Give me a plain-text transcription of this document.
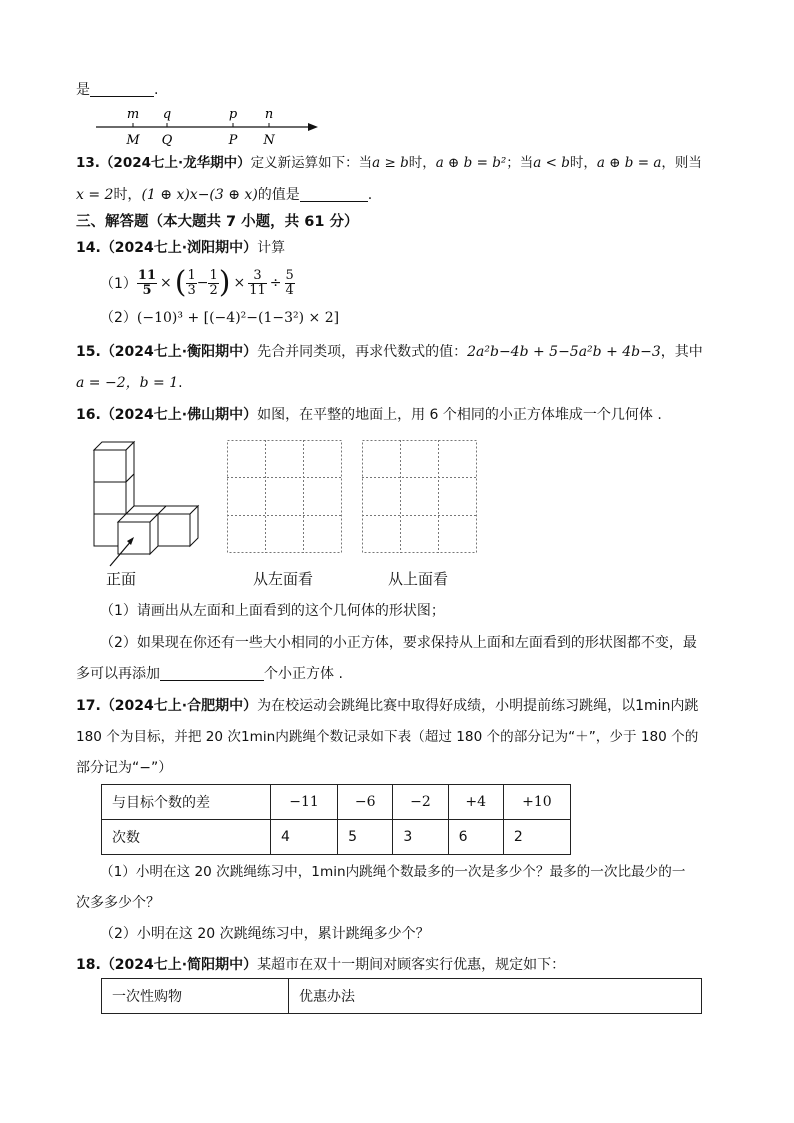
是	.
m q	p n
M Q	P N
13.（2024七上·龙华期中）定义新运算如下：当a ≥ b时，a ⊕ b = b²；当a < b时，a ⊕ b = a，则当
x = 2时，(1 ⊕ x)x−(3 ⊕ x)的值是	.
三、解答题（本大题共 7 小题，共 61 分）
14.（2024七上·浏阳期中）计算
$(1) \frac{11}{5}$ × ( $\frac{1}{3} - \frac{1}{2}$ ) × $\frac{3}{11} \div \frac{5}{4}$
（2）(−10)³ + [(−4)²−(1−3²) × 2]
15.（2024七上·衡阳期中）先合并同类项，再求代数式的值：2a²b−4b + 5−5a²b + 4b−3，其中
a = −2，b = 1.
16.（2024七上·佛山期中）如图，在平整的地面上，用 6 个相同的小正方体堆成一个几何体 .
正面	从左面看	从上面看
（1）请画出从左面和上面看到的这个几何体的形状图；
（2）如果现在你还有一些大小相同的小正方体，要求保持从上面和左面看到的形状图都不变，最
多可以再添加	个小正方体 .
17.（2024七上·合肥期中）为在校运动会跳绳比赛中取得好成绩，小明提前练习跳绳，以1min内跳
180 个为目标，并把 20 次1min内跳绳个数记录如下表（超过 180 个的部分记为“＋”，少于 180 个的
部分记为“−”）
与目标个数的差	−11	−6	−2	+4	+10
次数	4	5	3	6	2
（1）小明在这 20 次跳绳练习中，1min内跳绳个数最多的一次是多少个？最多的一次比最少的一
次多多少个？
（2）小明在这 20 次跳绳练习中，累计跳绳多少个？
18.（2024七上·简阳期中）某超市在双十一期间对顾客实行优惠，规定如下：
一次性购物	优惠办法
